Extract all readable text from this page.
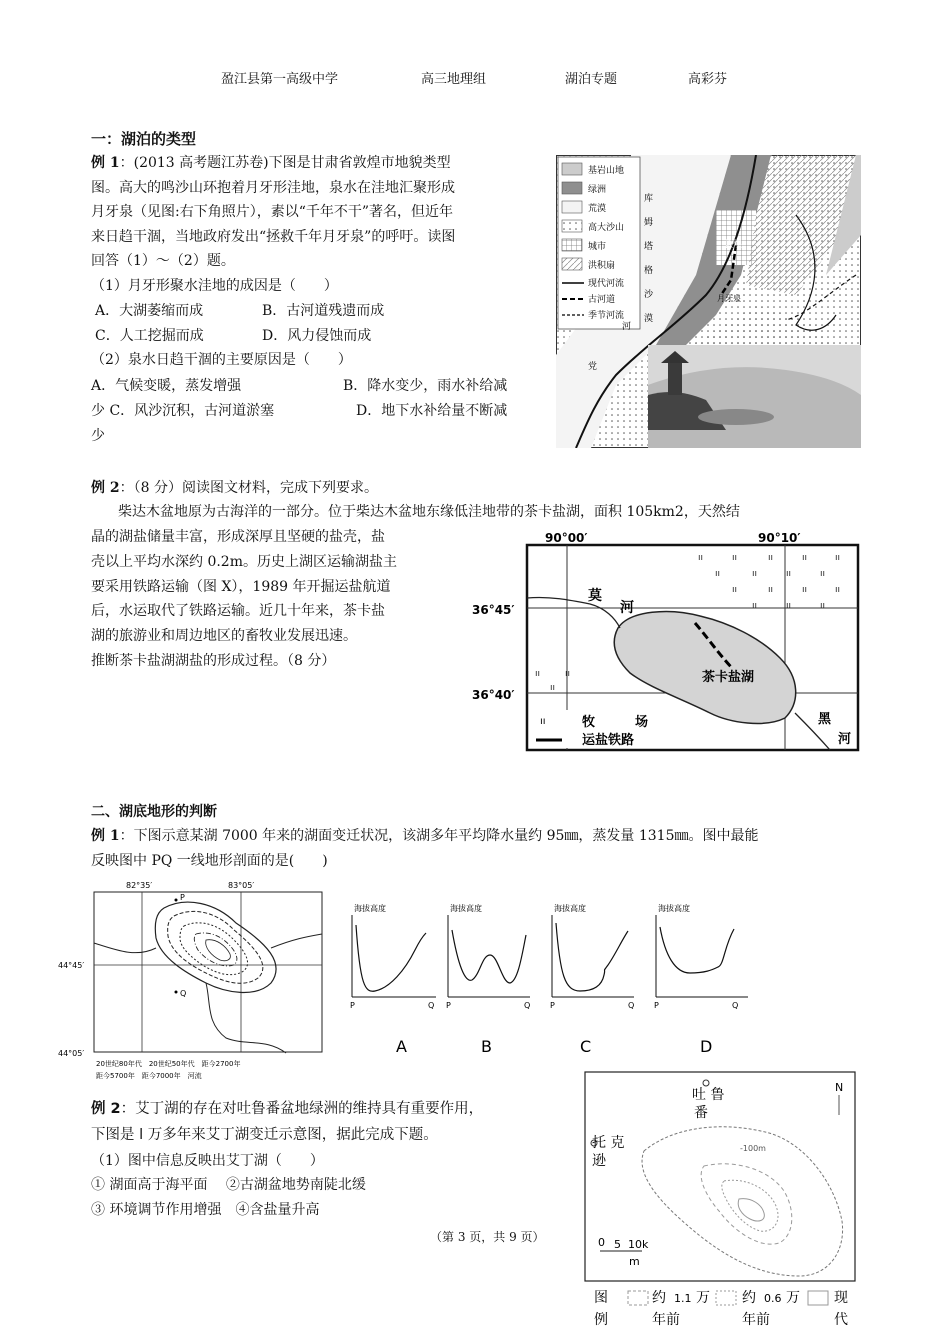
盈江县第一高级中学	高三地理组	湖泊专题	高彩芬
一：湖泊的类型
例 1：(2013 高考题江苏卷)下图是甘肃省敦煌市地貌类型
图。高大的鸣沙山环抱着月牙形洼地，泉水在洼地汇聚形成
月牙泉（见图:右下角照片），素以“千年不干”著名，但近年
来日趋干涸，当地政府发出“拯救千年月牙泉”的呼吁。读图
回答（1）～（2）题。
（1）月牙形聚水洼地的成因是（　　）
A．大湖萎缩而成	B．古河道残遗而成
C．人工挖掘而成	D．风力侵蚀而成
（2）泉水日趋干涸的主要原因是（　　）
A．气候变暖，蒸发增强	B．降水变少，雨水补给减
少 C．风沙沉积，古河道淤塞	D．地下水补给量不断减
少
基岩山地
绿洲
荒漠
高大沙山
城市
洪积扇
现代河流
古河道
季节河流
库
姆
塔
格
沙
漠
敦煌
月牙泉
党
河
例 2：（8 分）阅读图文材料，完成下列要求。
柴达木盆地原为古海洋的一部分。位于柴达木盆地东缘低洼地带的茶卡盐湖，面积 105km2，天然结
晶的湖盐储量丰富，形成深厚且坚硬的盐壳，盐
壳以上平均水深约 0.2m。历史上湖区运输湖盐主
要采用铁路运输（图 X），1989 年开掘运盐航道
后，水运取代了铁路运输。近几十年来，茶卡盐
湖的旅游业和周边地区的畜牧业发展迅速。
推断茶卡盐湖湖盐的形成过程。（8 分）
90°00′	90°10′
36°45′
36°40′
莫
河
黑
河
茶卡盐湖
ıı	ıı	ıı	ıı	ıı
ıı	ıı	ıı	ıı
ıı	ıı	ıı	ıı
ıı	ıı	ıı
ıı	ıı
ıı
ıı	牧	场
运盐铁路
二、湖底地形的判断
例 1：下图示意某湖 7000 年来的湖面变迁状况，该湖多年平均降水量约 95㎜，蒸发量 1315㎜。图中最能
反映图中 PQ 一线地形剖面的是(　　)
82°35′	83°05′
44°45′
44°05′
P
Q
20世纪80年代　20世纪50年代　距今2700年
距今5700年　距今7000年　河流
海拔高度
P	Q
A
海拔高度
P	Q
B
海拔高度
P	Q
C
海拔高度
P	Q
D
例 2：艾丁湖的存在对吐鲁番盆地绿洲的维持具有重要作用，
下图是 l 万多年来艾丁湖变迁示意图，据此完成下题。
（1）图中信息反映出艾丁湖（　　）
① 湖面高于海平面　 ②古湖盆地势南陡北缓
③ 环境调节作用增强　④含盐量升高
（第 3 页，共 9 页）
N
吐 鲁
番
托 克
逊
-100m
0 5 10k
m
图
例
约 1.1 万
年前
约 0.6 万
年前
现
代
